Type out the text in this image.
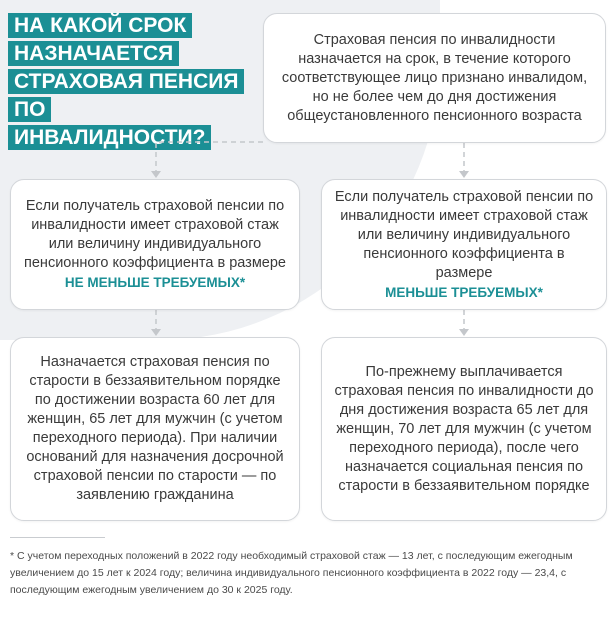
НА КАКОЙ СРОК
НАЗНАЧАЕТСЯ
СТРАХОВАЯ ПЕНСИЯ
ПО ИНВАЛИДНОСТИ?
Страховая пенсия по инвалидности назначается на срок, в течение которого соответствующее лицо признано инвалидом, но не более чем до дня достижения общеустановленного пенсионного возраста
Если получатель страховой пенсии по инвалидности имеет страховой стаж или величину индивидуального пенсионного коэффициента в размере
НЕ МЕНЬШЕ ТРЕБУЕМЫХ*
Если получатель страховой пенсии по инвалидности имеет страховой стаж или величину индивидуального пенсионного коэффициента в размере
МЕНЬШЕ ТРЕБУЕМЫХ*
Назначается страховая пенсия по старости в беззаявительном порядке по достижении возраста 60 лет для женщин, 65 лет для мужчин (с учетом переходного периода). При наличии оснований для назначения досрочной страховой пенсии по старости — по заявлению гражданина
По-прежнему выплачивается страховая пенсия по инвалидности до дня достижения возраста 65 лет для женщин, 70 лет для мужчин (с учетом переходного периода), после чего назначается социальная пенсия по старости в беззаявительном порядке
* С учетом переходных положений в 2022 году необходимый страховой стаж — 13 лет, с последующим ежегодным увеличением до 15 лет к 2024 году; величина индивидуального пенсионного коэффициента в 2022 году — 23,4, с последующим ежегодным увеличением до 30 к 2025 году.
